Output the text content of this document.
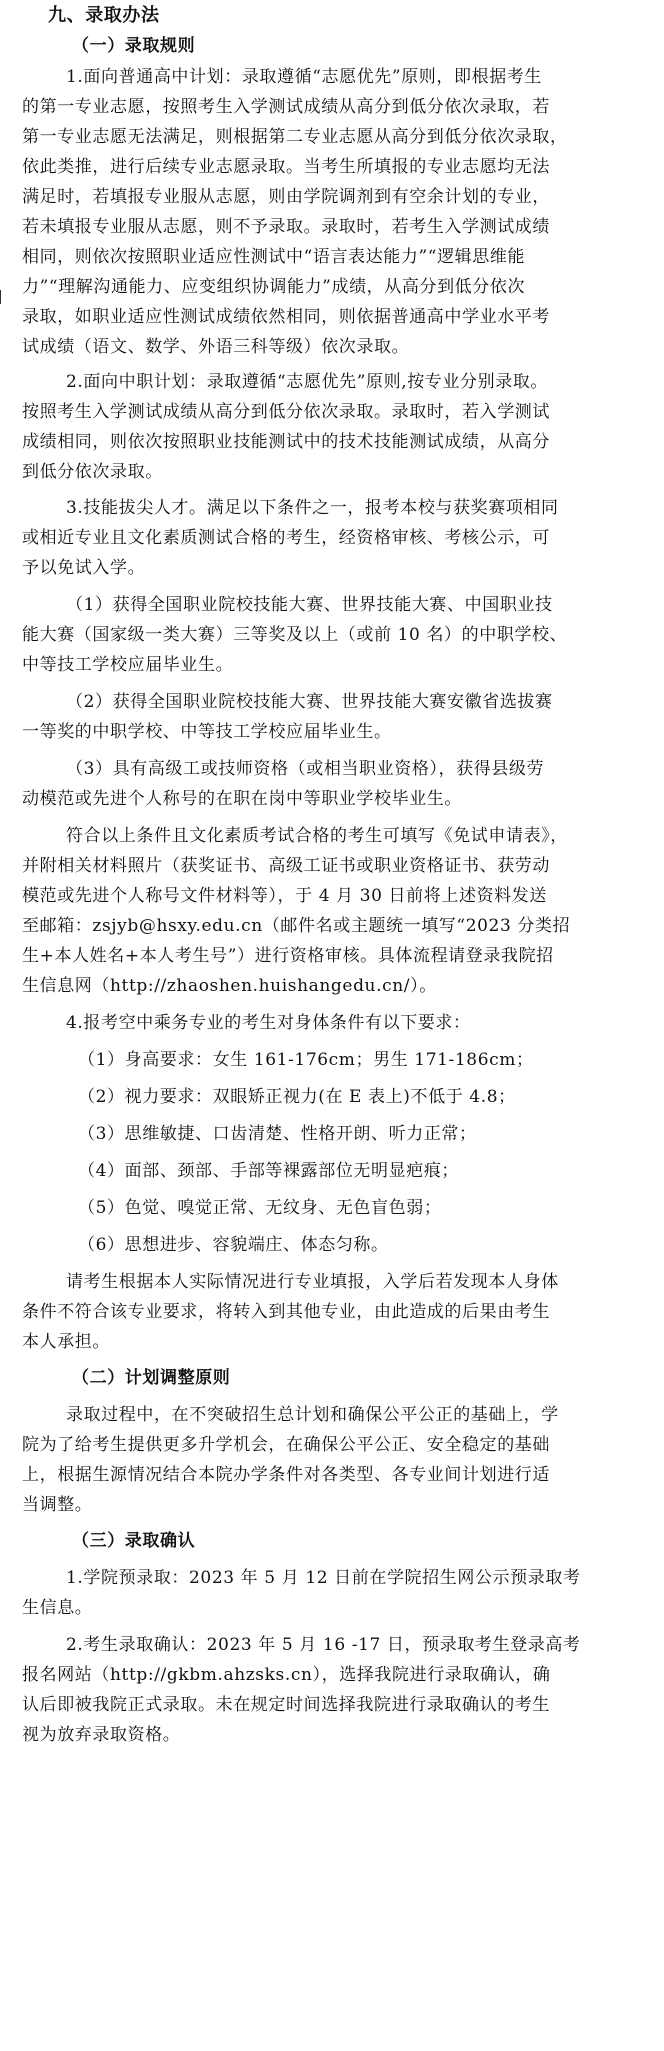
九、录取办法
（一）录取规则
1.面向普通高中计划：录取遵循“志愿优先”原则，即根据考生
的第一专业志愿，按照考生入学测试成绩从高分到低分依次录取，若
第一专业志愿无法满足，则根据第二专业志愿从高分到低分依次录取，
依此类推，进行后续专业志愿录取。当考生所填报的专业志愿均无法
满足时，若填报专业服从志愿，则由学院调剂到有空余计划的专业，
若未填报专业服从志愿，则不予录取。录取时，若考生入学测试成绩
相同，则依次按照职业适应性测试中“语言表达能力”“逻辑思维能
力”“理解沟通能力、应变组织协调能力”成绩，从高分到低分依次
录取，如职业适应性测试成绩依然相同，则依据普通高中学业水平考
试成绩（语文、数学、外语三科等级）依次录取。
2.面向中职计划：录取遵循“志愿优先”原则,按专业分别录取。
按照考生入学测试成绩从高分到低分依次录取。录取时，若入学测试
成绩相同，则依次按照职业技能测试中的技术技能测试成绩，从高分
到低分依次录取。
3.技能拔尖人才。满足以下条件之一，报考本校与获奖赛项相同
或相近专业且文化素质测试合格的考生，经资格审核、考核公示，可
予以免试入学。
（1）获得全国职业院校技能大赛、世界技能大赛、中国职业技
能大赛（国家级一类大赛）三等奖及以上（或前 10 名）的中职学校、
中等技工学校应届毕业生。
（2）获得全国职业院校技能大赛、世界技能大赛安徽省选拔赛
一等奖的中职学校、中等技工学校应届毕业生。
（3）具有高级工或技师资格（或相当职业资格），获得县级劳
动模范或先进个人称号的在职在岗中等职业学校毕业生。
符合以上条件且文化素质考试合格的考生可填写《免试申请表》，
并附相关材料照片（获奖证书、高级工证书或职业资格证书、获劳动
模范或先进个人称号文件材料等），于 4 月 30 日前将上述资料发送
至邮箱：zsjyb@hsxy.edu.cn（邮件名或主题统一填写“2023 分类招
生+本人姓名+本人考生号”）进行资格审核。具体流程请登录我院招
生信息网（http://zhaoshen.huishangedu.cn/）。
4.报考空中乘务专业的考生对身体条件有以下要求：
（1）身高要求：女生 161-176cm；男生 171-186cm；
（2）视力要求：双眼矫正视力(在 E 表上)不低于 4.8；
（3）思维敏捷、口齿清楚、性格开朗、听力正常；
（4）面部、颈部、手部等裸露部位无明显疤痕；
（5）色觉、嗅觉正常、无纹身、无色盲色弱；
（6）思想进步、容貌端庄、体态匀称。
请考生根据本人实际情况进行专业填报，入学后若发现本人身体
条件不符合该专业要求，将转入到其他专业，由此造成的后果由考生
本人承担。
（二）计划调整原则
录取过程中，在不突破招生总计划和确保公平公正的基础上，学
院为了给考生提供更多升学机会，在确保公平公正、安全稳定的基础
上，根据生源情况结合本院办学条件对各类型、各专业间计划进行适
当调整。
（三）录取确认
1.学院预录取：2023 年 5 月 12 日前在学院招生网公示预录取考
生信息。
2.考生录取确认：2023 年 5 月 16 -17 日，预录取考生登录高考
报名网站（http://gkbm.ahzsks.cn），选择我院进行录取确认，确
认后即被我院正式录取。未在规定时间选择我院进行录取确认的考生
视为放弃录取资格。
